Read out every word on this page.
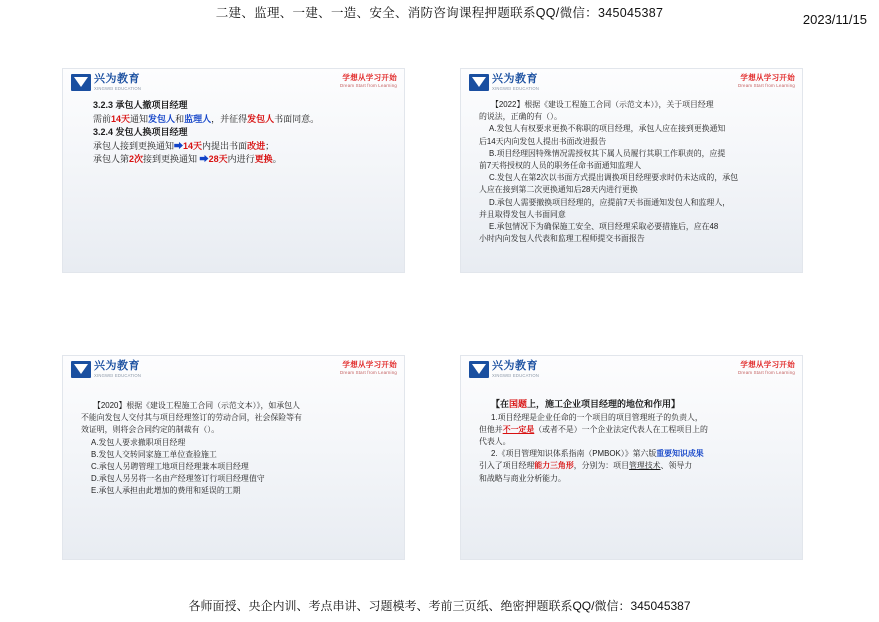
二建、监理、一建、一造、安全、消防咨询课程押题联系QQ/微信：345045387	2023/11/15
兴为教育
XINGWEI EDUCATION
学想从学习开始
Dream Start from Learning
3.2.3 承包人撤项目经理
需前14天通知发包人和监理人，并征得发包人书面同意。
3.2.4 发包人换项目经理
承包人接到更换通知➡14天内提出书面改进；
承包人第2次接到更换通知 ➡28天内进行更换。
兴为教育
XINGWEI EDUCATION
学想从学习开始
Dream Start from Learning
【2022】根据《建设工程施工合同（示范文本）》，关于项目经理
的说法，正确的有（）。
A.发包人有权要求更换不称职的项目经理，承包人应在接到更换通知
后14天内向发包人提出书面改进报告
B.项目经理因特殊情况需授权其下属人员履行其职工作职责的，应提
前7天将授权的人员的职务任命书面通知监理人
C.发包人在第2次以书面方式提出调换项目经理要求时仍未达成的，承包
人应在接到第二次更换通知后28天内进行更换
D.承包人需要撤换项目经理的，应提前7天书面通知发包人和监理人，
并且取得发包人书面同意
E.承包情况下为确保施工安全、项目经理采取必要措施后，应在48
小时内向发包人代表和监理工程师提交书面报告
兴为教育
XINGWEI EDUCATION
学想从学习开始
Dream Start from Learning
【2020】根据《建设工程施工合同（示范文本）》，如承包人
不能向发包人交付其与项目经理签订的劳动合同，社会保险等有
效证明，则将会合同约定的制裁有（）。
A.发包人要求撤职项目经理
B.发包人交转同家施工单位查验施工
C.承包人另聘管理工地项目经理兼本项目经理
D.承包人另另将一名由产经理签订行项目经理值守
E.承包人承担由此增加的费用和延误的工期
兴为教育
XINGWEI EDUCATION
学想从学习开始
Dream Start from Learning
【在国题上，施工企业项目经理的地位和作用】
1.项目经理是企业任命的一个项目的项目管理班子的负责人，
但他并不一定是（或者不是）一个企业法定代表人在工程项目上的
代表人。
2.《项目管理知识体系指南（PMBOK）》第六版重要知识成果
引入了项目经理能力三角形，分别为：项目管理技术、领导力
和战略与商业分析能力。
各师面授、央企内训、考点串讲、习题模考、考前三页纸、绝密押题联系QQ/微信：345045387
